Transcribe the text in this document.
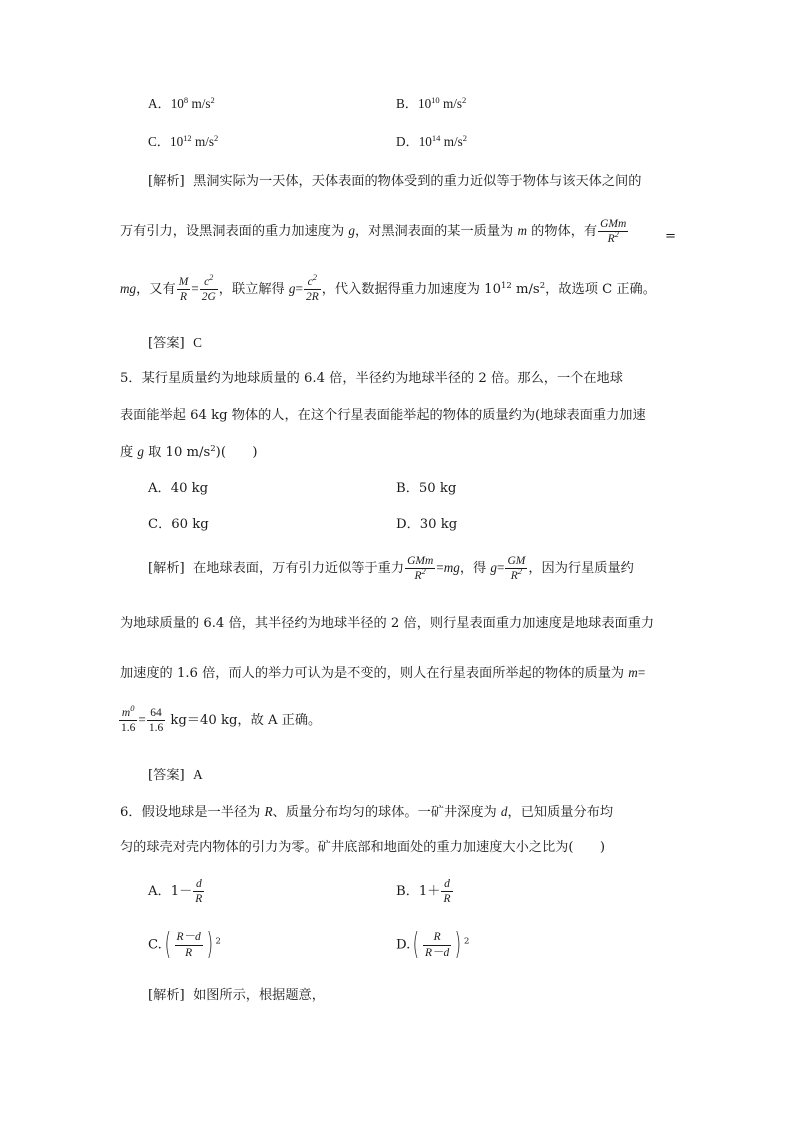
A．$10^8$ $m/s^2$	B．$10^{10}$ $m/s^2$
C．$10^{12}$ $m/s^2$	D．$10^{14}$ $m/s^2$
[解析] 黑洞实际为一天体，天体表面的物体受到的重力近似等于物体与该天体之间的
万有引力，设黑洞表面的重力加速度为 g，对黑洞表面的某一质量为 m 的物体，有 $\frac{\text{GMm}}{R^2}$	=
mg，又有 $\frac{M}{R} = \frac{c^2}{2G}$ ，联立解得 $g= \frac{c^2}{2R}$ ，代入数据得重力加速度为 $10^{12}$ $m/s^2$，故选项 C 正确。
[答案] C
5．某行星质量约为地球质量的 6.4 倍，半径约为地球半径的 2 倍。那么，一个在地球
表面能举起 64 kg 物体的人，在这个行星表面能举起的物体的质量约为(地球表面重力加速
度 g 取 10 $m/s^2$)(　　)
A．40 kg	B．50 kg
C．60 kg	D．30 kg
[解析] 在地球表面，万有引力近似等于重力 $\frac{\text{GMm}}{R^2} =mg$，得 $g= \frac{GM}{R^2}$ ，因为行星质量约
为地球质量的 6.4 倍，其半径约为地球半径的 2 倍，则行星表面重力加速度是地球表面重力
加速度的 1.6 倍，而人的举力可认为是不变的，则人在行星表面所举起的物体的质量为 m=
$\frac{m^0}{1.6} = \frac{64}{1.6} kg=40$ kg，故 A 正确。
[答案] A
6．假设地球是一半径为 R、质量分布均匀的球体。一矿井深度为 d，已知质量分布均
匀的球壳对壳内物体的引力为零。矿井底部和地面处的重力加速度大小之比为(　　)
A．$1- \frac{d}{R}$	B．$1+ \frac{d}{R}$
$C.( \frac{R-d}{R}$ ) $^2$	$D.( \frac{R}{R-d}$ ) $^2$
[解析] 如图所示，根据题意，
